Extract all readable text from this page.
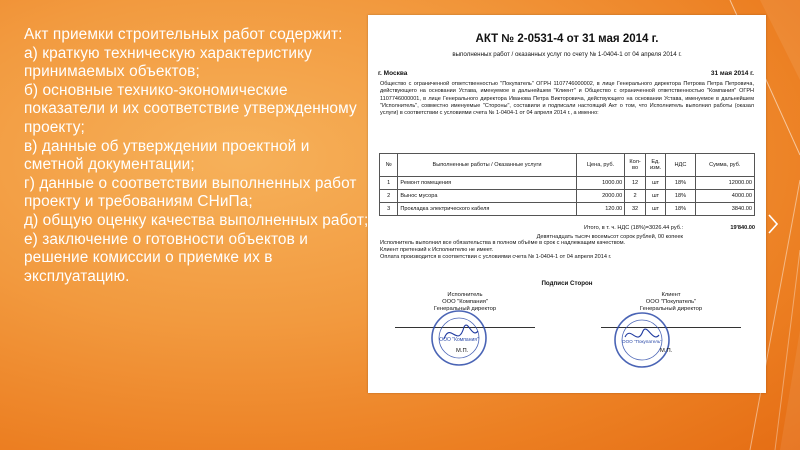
Акт приемки строительных работ содержит:
а) краткую техническую характеристику принимаемых объектов;
б) основные технико-экономические показатели и их соответствие утвержденному проекту;
в) данные об утверждении проектной и сметной документации;
г) данные о соответствии выполненных работ проекту и требованиям СНиПа;
д) общую оценку качества выполненных работ;
е) заключение о готовности объектов и решение комиссии о приемке их в эксплуатацию.
АКТ № 2-0531-4 от 31 мая 2014 г.
выполненных работ / оказанных услуг по счету № 1-0404-1 от 04 апреля 2014 г.
г. Москва	31 мая 2014 г.
Общество с ограниченной ответственностью "Покупатель" ОГРН 1107746000002, в лице Генерального директора Петрова Петра Петровича, действующего на основании Устава, именуемое в дальнейшем "Клиент" и Общество с ограниченной ответственностью "Компания" ОГРН 1107746000001, в лице Генерального директора Иванова Петра Викторовича, действующего на основании Устава, именуемое в дальнейшем "Исполнитель", совместно именуемые "Стороны", составили и подписали настоящий Акт о том, что Исполнитель выполнил работы (оказал услуги) в соответствии с условиями счета № 1-0404-1 от 04 апреля 2014 г., а именно:
№	Выполненные работы / Оказанные услуги	Цена, руб.	Кол-во	Ед. изм.	НДС	Сумма, руб.
1	Ремонт помещения	1000.00	12	шт	18%	12000.00
2	Вынос мусора	2000.00	2	шт	18%	4000.00
3	Прокладка электрического кабеля	120.00	32	шт	18%	3840.00
Итого, в т. ч. НДС (18%)=3026.44 руб.:	19'840.00
Девятнадцать тысяч восемьсот сорок рублей, 00 копеек
Исполнитель выполнил все обязательства в полном объёме в срок с надлежащим качеством.
Клиент претензий к Исполнителю не имеет.
Оплата производится в соответствии с условиями счета № 1-0404-1 от 04 апреля 2014 г.
Подписи Сторон
Исполнитель
ООО "Компания"
Генеральный директор
Клиент
ООО "Покупатель"
Генеральный директор
ООО "Компания"	ООО "Покупатель"
М.П.	М.П.
